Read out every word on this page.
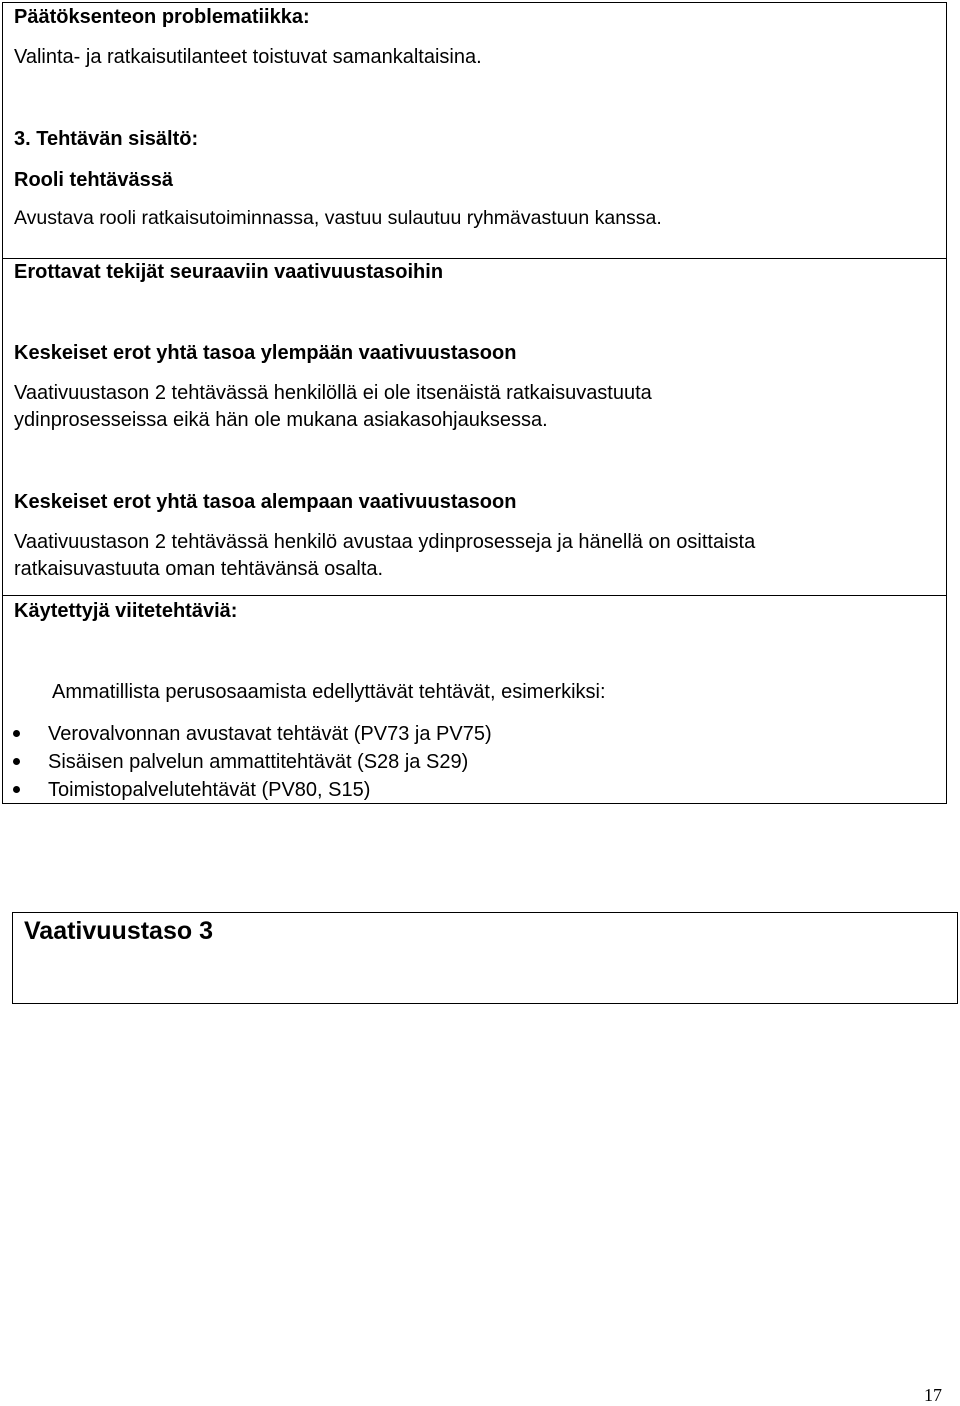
Päätöksenteon problematiikka:
Valinta- ja ratkaisutilanteet toistuvat samankaltaisina.
3. Tehtävän sisältö:
Rooli tehtävässä
Avustava rooli ratkaisutoiminnassa, vastuu sulautuu ryhmävastuun kanssa.
Erottavat tekijät seuraaviin vaativuustasoihin
Keskeiset erot yhtä tasoa ylempään vaativuustasoon
Vaativuustason 2 tehtävässä henkilöllä ei ole itsenäistä ratkaisuvastuuta
ydinprosesseissa eikä hän ole mukana asiakasohjauksessa.
Keskeiset erot yhtä tasoa alempaan vaativuustasoon
Vaativuustason 2 tehtävässä henkilö avustaa ydinprosesseja ja hänellä on osittaista
ratkaisuvastuuta oman tehtävänsä osalta.
Käytettyjä viitetehtäviä:
Ammatillista perusosaamista edellyttävät tehtävät, esimerkiksi:
Verovalvonnan avustavat tehtävät (PV73 ja PV75)
Sisäisen palvelun ammattitehtävät (S28 ja S29)
Toimistopalvelutehtävät (PV80, S15)
Vaativuustaso 3
17
